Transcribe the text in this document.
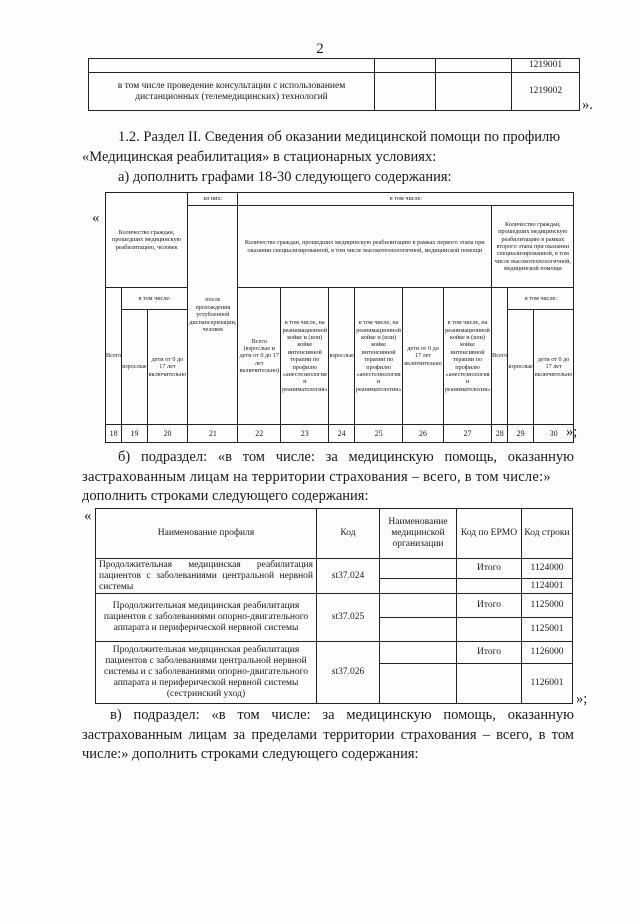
2
			1219001
в том числе проведение консультации с использованием дистанционных (телемедицинских) технологий			1219002
».
1.2. Раздел II. Сведения об оказании медицинской помощи по профилю
«Медицинская реабилитация» в стационарных условиях:
а) дополнить графами 18-30 следующего содержания:
«
Количество граждан, прошедших медицинскую реабилитацию, человек			из них:	в том числе:								
			после прохождения углубленной диспансеризации, человек	Количество граждан, прошедших медицинскую реабилитацию в рамках первого этапа при оказании специализированной, в том числе высокотехнологичной, медицинской помощи						Количество граждан, прошедших медицинскую реабилитацию в рамках второго этапа при оказании специализированной, в том числе высокотехнологичной, медицинской помощи		
Всего	в том числе:			Всего (взрослые и дети от 0 до 17 лет включительно)	в том числе, на реанимационной койке и (или) койке интенсивной терапии по профилю «анестезиология и реаниматология»	взрослые	в том числе, на реанимационной койке и (или) койке интенсивной терапии по профилю «анестезиология и реаниматология»	дети от 0 до 17 лет включительно	в том числе, на реанимационной койке и (или) койке интенсивной терапии по профилю «анестезиология и реаниматология»	Всего	в том числе:	
	взрослые	дети от 0 до 17 лет включительно									взрослые	дети от 0 до 17 лет включительно
18	19	20	21	22	23	24	25	26	27	28	29	30 »;
б) подраздел: «в том числе: за медицинскую помощь, оказанную
застрахованным лицам на территории страхования – всего, в том числе:»
дополнить строками следующего содержания:
«
Наименование профиля	Код	Наименование медицинской организации	Код по ЕРМО	Код строки
Продолжительная медицинская реабилитация пациентов с заболеваниями центральной нервной системы	st37.024		Итого	1124000
				1124001
Продолжительная медицинская реабилитация пациентов с заболеваниями опорно-двигательного аппарата и периферической нервной системы	st37.025		Итого	1125000
				1125001
Продолжительная медицинская реабилитация пациентов с заболеваниями центральной нервной системы и с заболеваниями опорно-двигательного аппарата и периферической нервной системы (сестринский уход)	st37.026		Итого	1126000
				1126001
»;
в) подраздел: «в том числе: за медицинскую помощь, оказанную
застрахованным лицам за пределами территории страхования – всего, в том
числе:» дополнить строками следующего содержания:
